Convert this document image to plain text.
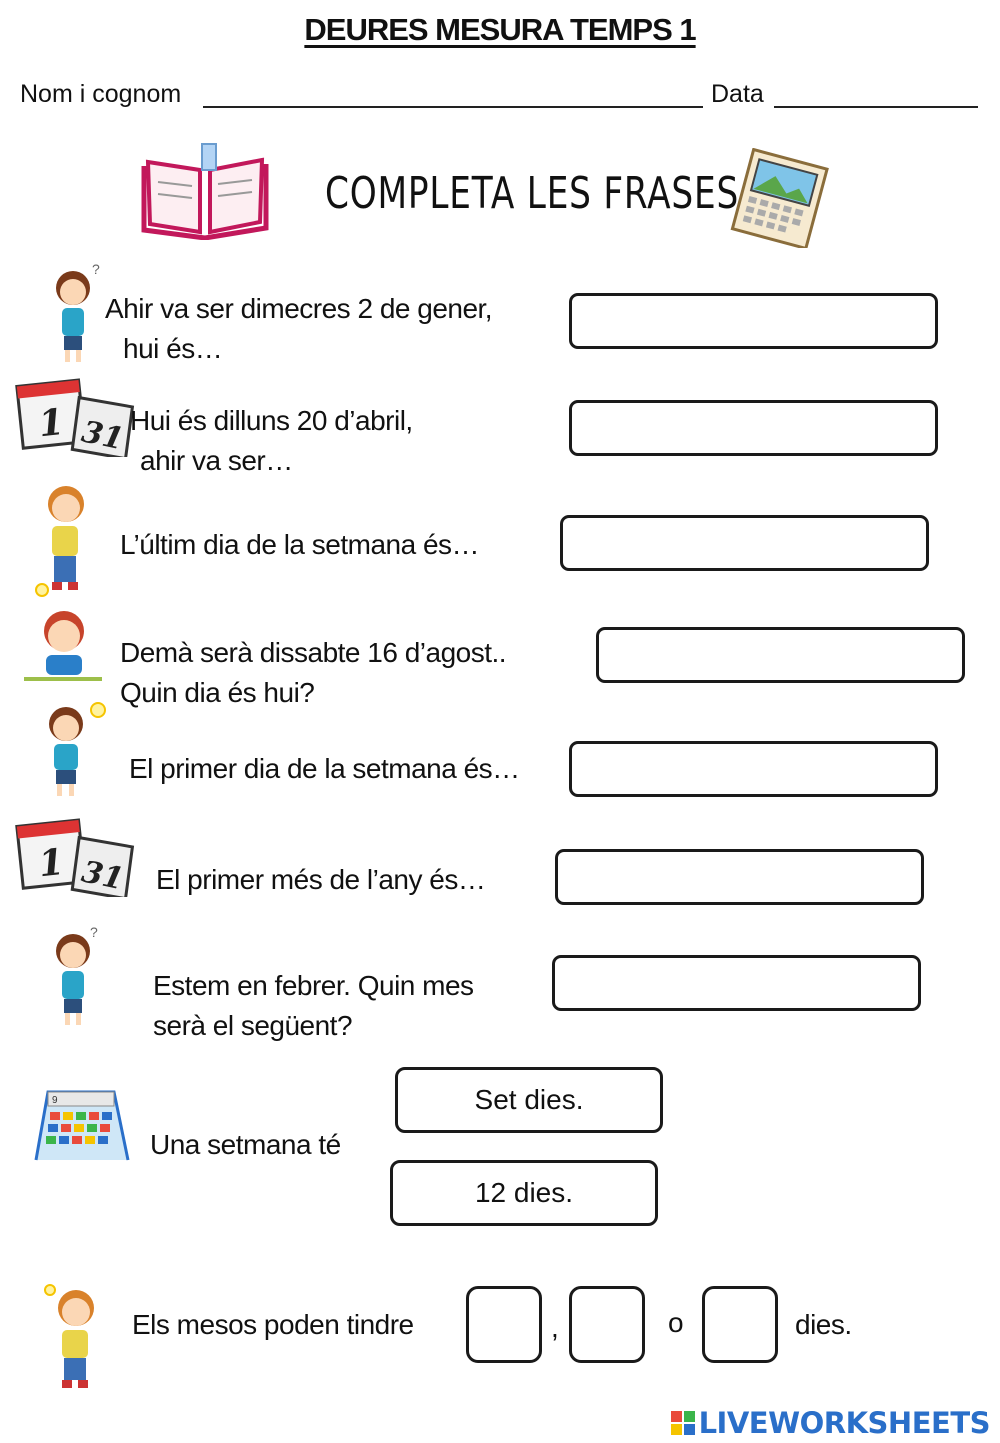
DEURES MESURA TEMPS 1
Nom i cognom	Data
COMPLETA LES FRASES
?
Ahir va ser dimecres 2 de gener,
hui és…
1 31 Hui és dilluns 20 d’abril,
ahir va ser…
L’últim dia de la setmana és…
Demà serà dissabte 16 d’agost..
Quin dia és hui?
El primer dia de la setmana és…
1 31 El primer més de l’any és…
?
Estem en febrer. Quin mes
serà el següent?
9
Una setmana té
Set dies.
12 dies.
Els mesos poden tindre	,	o	dies.
LIVEWORKSHEETS
